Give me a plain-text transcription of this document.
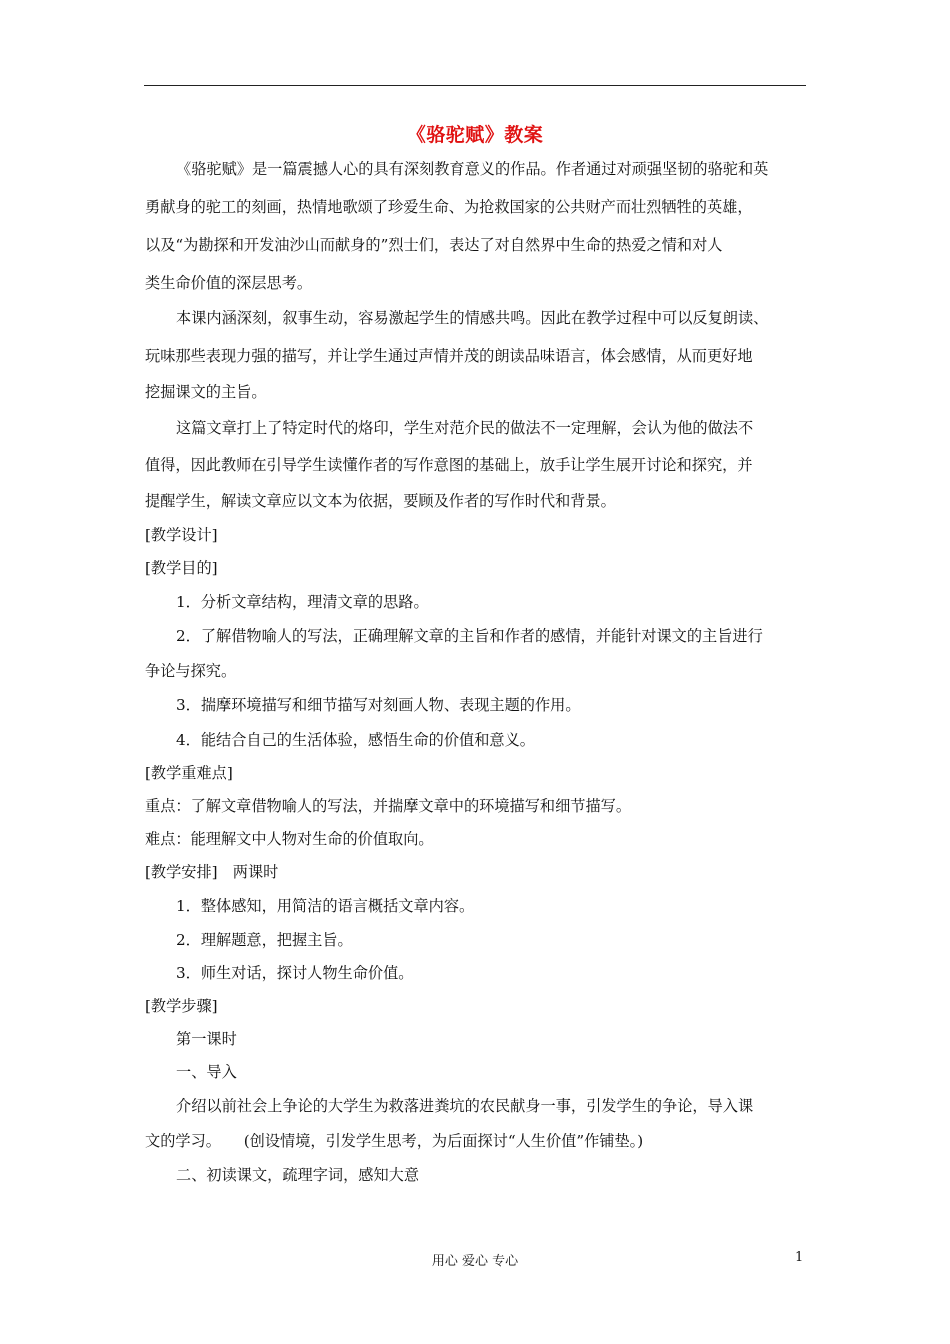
《骆驼赋》教案
《骆驼赋》是一篇震撼人心的具有深刻教育意义的作品。作者通过对顽强坚韧的骆驼和英
勇献身的驼工的刻画，热情地歌颂了珍爱生命、为抢救国家的公共财产而壮烈牺牲的英雄，
以及“为勘探和开发油沙山而献身的”烈士们，表达了对自然界中生命的热爱之情和对人
类生命价值的深层思考。
本课内涵深刻，叙事生动，容易激起学生的情感共鸣。因此在教学过程中可以反复朗读、
玩味那些表现力强的描写，并让学生通过声情并茂的朗读品味语言，体会感情，从而更好地
挖掘课文的主旨。
这篇文章打上了特定时代的烙印，学生对范介民的做法不一定理解，会认为他的做法不
值得，因此教师在引导学生读懂作者的写作意图的基础上，放手让学生展开讨论和探究，并
提醒学生，解读文章应以文本为依据，要顾及作者的写作时代和背景。
[教学设计]
[教学目的]
1．分析文章结构，理清文章的思路。
2．了解借物喻人的写法，正确理解文章的主旨和作者的感情，并能针对课文的主旨进行
争论与探究。
3．揣摩环境描写和细节描写对刻画人物、表现主题的作用。
4．能结合自己的生活体验，感悟生命的价值和意义。
[教学重难点]
重点：了解文章借物喻人的写法，并揣摩文章中的环境描写和细节描写。
难点：能理解文中人物对生命的价值取向。
[教学安排]　两课时
1．整体感知，用简洁的语言概括文章内容。
2．理解题意，把握主旨。
3．师生对话，探讨人物生命价值。
[教学步骤]
第一课时
一、导入
介绍以前社会上争论的大学生为救落进粪坑的农民献身一事，引发学生的争论，导入课
文的学习。　　(创设情境，引发学生思考，为后面探讨“人生价值”作铺垫。)
二、初读课文，疏理字词，感知大意
用心 爱心 专心	1
